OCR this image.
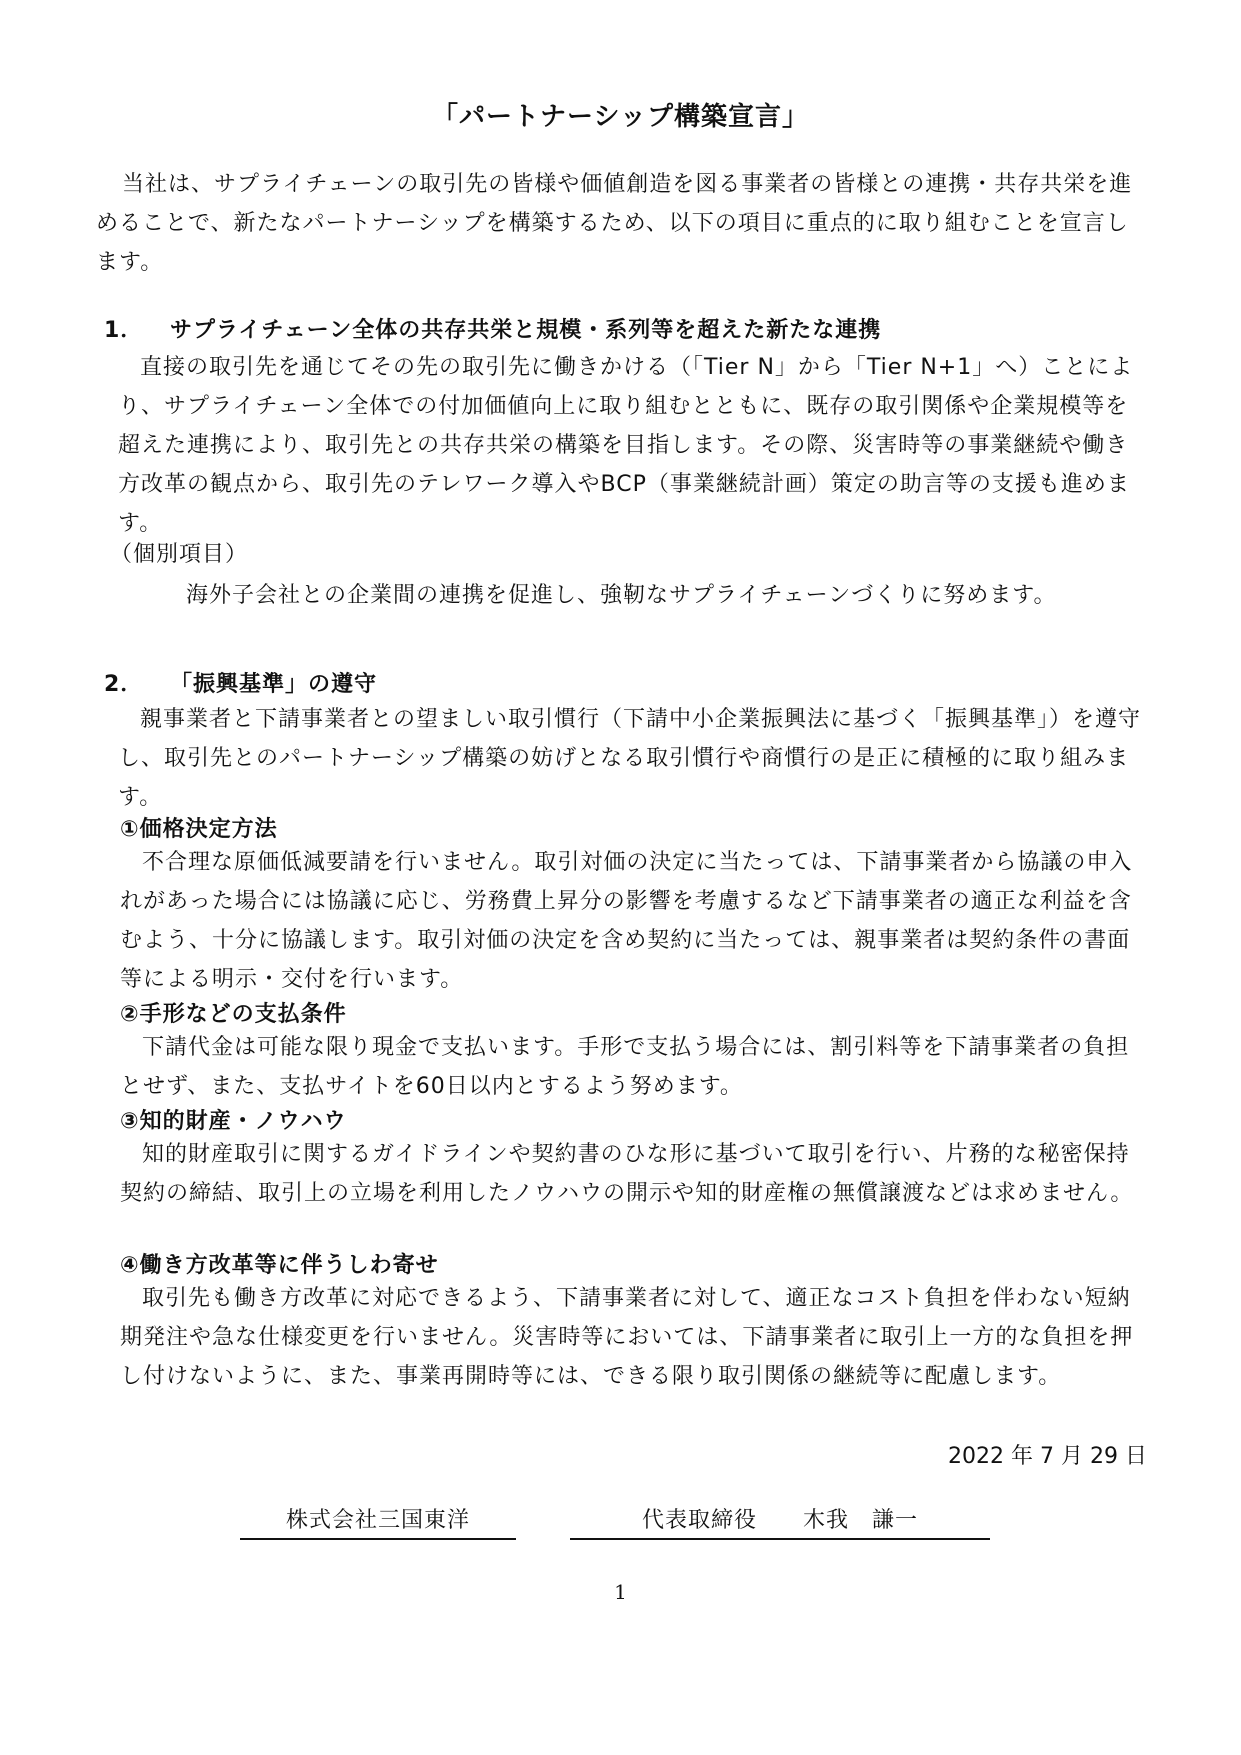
「パートナーシップ構築宣言」
当社は、サプライチェーンの取引先の皆様や価値創造を図る事業者の皆様との連携・共存共栄を進めることで、新たなパートナーシップを構築するため、以下の項目に重点的に取り組むことを宣言します。
1． サプライチェーン全体の共存共栄と規模・系列等を超えた新たな連携
直接の取引先を通じてその先の取引先に働きかける（「Tier N」から「Tier N+1」へ）ことにより、サプライチェーン全体での付加価値向上に取り組むとともに、既存の取引関係や企業規模等を超えた連携により、取引先との共存共栄の構築を目指します。その際、災害時等の事業継続や働き方改革の観点から、取引先のテレワーク導入やBCP（事業継続計画）策定の助言等の支援も進めます。
（個別項目）
海外子会社との企業間の連携を促進し、強靭なサプライチェーンづくりに努めます。
2． 「振興基準」の遵守
親事業者と下請事業者との望ましい取引慣行（下請中小企業振興法に基づく「振興基準」）を遵守し、取引先とのパートナーシップ構築の妨げとなる取引慣行や商慣行の是正に積極的に取り組みます。
①価格決定方法
不合理な原価低減要請を行いません。取引対価の決定に当たっては、下請事業者から協議の申入れがあった場合には協議に応じ、労務費上昇分の影響を考慮するなど下請事業者の適正な利益を含むよう、十分に協議します。取引対価の決定を含め契約に当たっては、親事業者は契約条件の書面等による明示・交付を行います。
②手形などの支払条件
下請代金は可能な限り現金で支払います。手形で支払う場合には、割引料等を下請事業者の負担とせず、また、支払サイトを60日以内とするよう努めます。
③知的財産・ノウハウ
知的財産取引に関するガイドラインや契約書のひな形に基づいて取引を行い、片務的な秘密保持契約の締結、取引上の立場を利用したノウハウの開示や知的財産権の無償譲渡などは求めません。
④働き方改革等に伴うしわ寄せ
取引先も働き方改革に対応できるよう、下請事業者に対して、適正なコスト負担を伴わない短納期発注や急な仕様変更を行いません。災害時等においては、下請事業者に取引上一方的な負担を押し付けないように、また、事業再開時等には、できる限り取引関係の継続等に配慮します。
2022 年 7 月 29 日
株式会社三国東洋	代表取締役　　木我　謙一
1
